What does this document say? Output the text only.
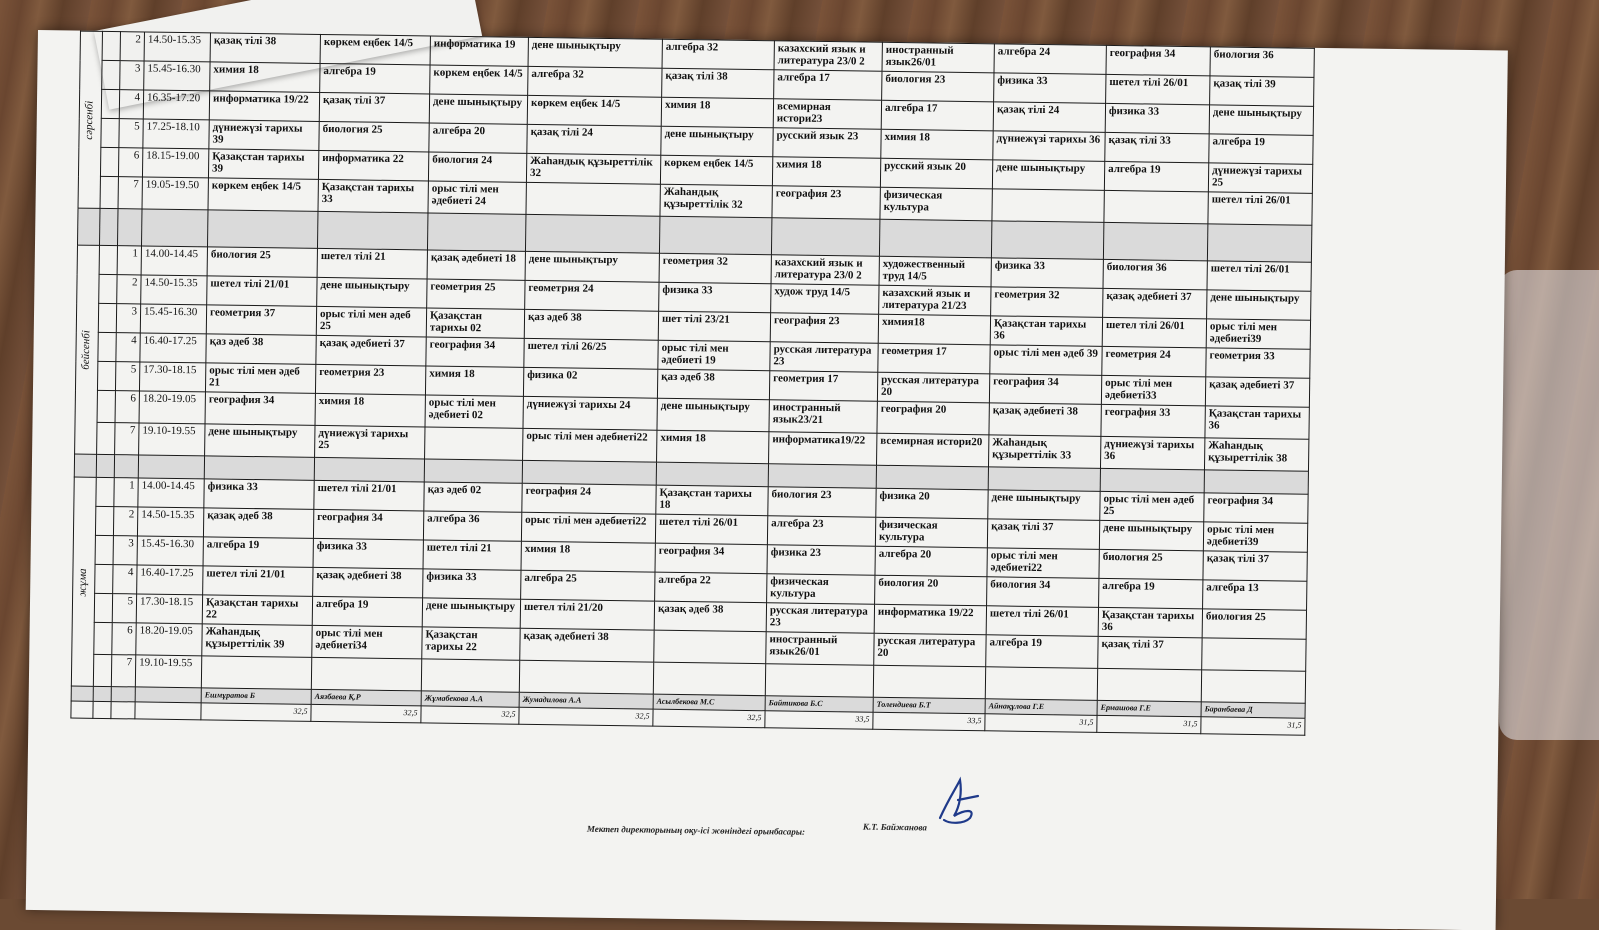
сәрсенбі		2	14.50-15.35	қазақ тілі 38	көркем еңбек 14/5	информатика 19	дене шынықтыру	алгебра 32	казахский язык и литература 23/0 2	иностранный язык26/01	алгебра 24	география 34	биология 36
		3	15.45-16.30	химия 18	алгебра 19	көркем еңбек 14/5	алгебра 32	қазақ тілі 38	алгебра 17	биология 23	физика 33	шетел тілі 26/01	қазақ тілі 39
		4	16.35-17.20	информатика 19/22	қазақ тілі 37	дене шынықтыру	көркем еңбек 14/5	химия 18	всемирная истори23	алгебра 17	қазақ тілі 24	физика 33	дене шынықтыру
		5	17.25-18.10	дүниежүзі тарихы 39	биология 25	алгебра 20	қазақ тілі 24	дене шынықтыру	русский язык 23	химия 18	дүниежүзі тарихы 36	қазақ тілі 33	алгебра 19
		6	18.15-19.00	Қазақстан тарихы 39	информатика 22	биология 24	Жаһандық құзыреттілік 32	көркем еңбек 14/5	химия 18	русский язык 20	дене шынықтыру	алгебра 19	дүниежүзі тарихы 25
		7	19.05-19.50	көркем еңбек 14/5	Қазақстан тарихы 33	орыс тілі мен әдебиеті 24		Жаһандық құзыреттілік 32	география 23	физическая культура			шетел тілі 26/01

бейсенбі		1	14.00-14.45	биология 25	шетел тілі 21	қазақ әдебиеті 18	дене шынықтыру	геометрия 32	казахский язык и литература 23/0 2	художественный труд 14/5	физика 33	биология 36	шетел тілі 26/01
		2	14.50-15.35	шетел тілі 21/01	дене шынықтыру	геометрия 25	геометрия 24	физика 33	худож труд 14/5	казахский язык и литература 21/23	геометрия 32	қазақ әдебиеті 37	дене шынықтыру
		3	15.45-16.30	геометрия 37	орыс тілі мен әдеб 25	Қазақстан тарихы 02	қаз әдеб 38	шет тілі 23/21	география 23	химия18	Қазақстан тарихы 36	шетел тілі 26/01	орыс тілі мен әдебиеті39
		4	16.40-17.25	қаз әдеб 38	қазақ әдебиеті 37	география 34	шетел тілі 26/25	орыс тілі мен әдебиеті 19	русская литература 23	геометрия 17	орыс тілі мен әдеб 39	геометрия 24	геометрия 33
		5	17.30-18.15	орыс тілі мен әдеб 21	геометрия 23	химия 18	физика 02	қаз әдеб 38	геометрия 17	русская литература 20	география 34	орыс тілі мен әдебиеті33	қазақ әдебиеті 37
		6	18.20-19.05	география 34	химия 18	орыс тілі мен әдебиеті 02	дүниежүзі тарихы 24	дене шынықтыру	иностранный язык23/21	география 20	қазақ әдебиеті 38	география 33	Қазақстан тарихы 36
		7	19.10-19.55	дене шынықтыру	дүниежүзі тарихы 25		орыс тілі мен әдебиеті22	химия 18	информатика19/22	всемирная истори20	Жаһандық құзыреттілік 33	дүниежүзі тарихы 36	Жаһандық құзыреттілік 38

жұма		1	14.00-14.45	физика 33	шетел тілі 21/01	қаз әдеб 02	география 24	Қазақстан тарихы 18	биология 23	физика 20	дене шынықтыру	орыс тілі мен әдеб 25	география 34
		2	14.50-15.35	қазақ әдеб 38	география 34	алгебра 36	орыс тілі мен әдебиеті22	шетел тілі 26/01	алгебра 23	физическая культура	қазақ тілі 37	дене шынықтыру	орыс тілі мен әдебиеті39
		3	15.45-16.30	алгебра 19	физика 33	шетел тілі 21	химия 18	география 34	физика 23	алгебра 20	орыс тілі мен әдебиеті22	биология 25	қазақ тілі 37
		4	16.40-17.25	шетел тілі 21/01	қазақ әдебиеті 38	физика 33	алгебра 25	алгебра 22	физическая культура	биология 20	биология 34	алгебра 19	алгебра 13
		5	17.30-18.15	Қазақстан тарихы 22	алгебра 19	дене шынықтыру	шетел тілі 21/20	қазақ әдеб 38	русская литература 23	информатика 19/22	шетел тілі 26/01	Қазақстан тарихы 36	биология 25
		6	18.20-19.05	Жаһандық құзыреттілік 39	орыс тілі мен әдебиеті34	Қазақстан тарихы 22	қазақ әдебиеті 38		иностранный язык26/01	русская литература 20	алгебра 19	қазақ тілі 37	
		7	19.10-19.55										
				Ешмұратов Б	Аязбаева Қ.Р	Жұмабекова А.А	Жумадилова А.А	Асылбекова М.С	Байтикова Б.С	Толендиева Б.Т	Айнақұлова Г.Е	Ермашова Г.Е	Баранбаева Д
				32,5	32,5	32,5	32,5	32,5	33,5	33,5	31,5	31,5	31,5
Мектеп директорының оқу-ісі жөніндегі орынбасары:	К.Т. Байжанова
